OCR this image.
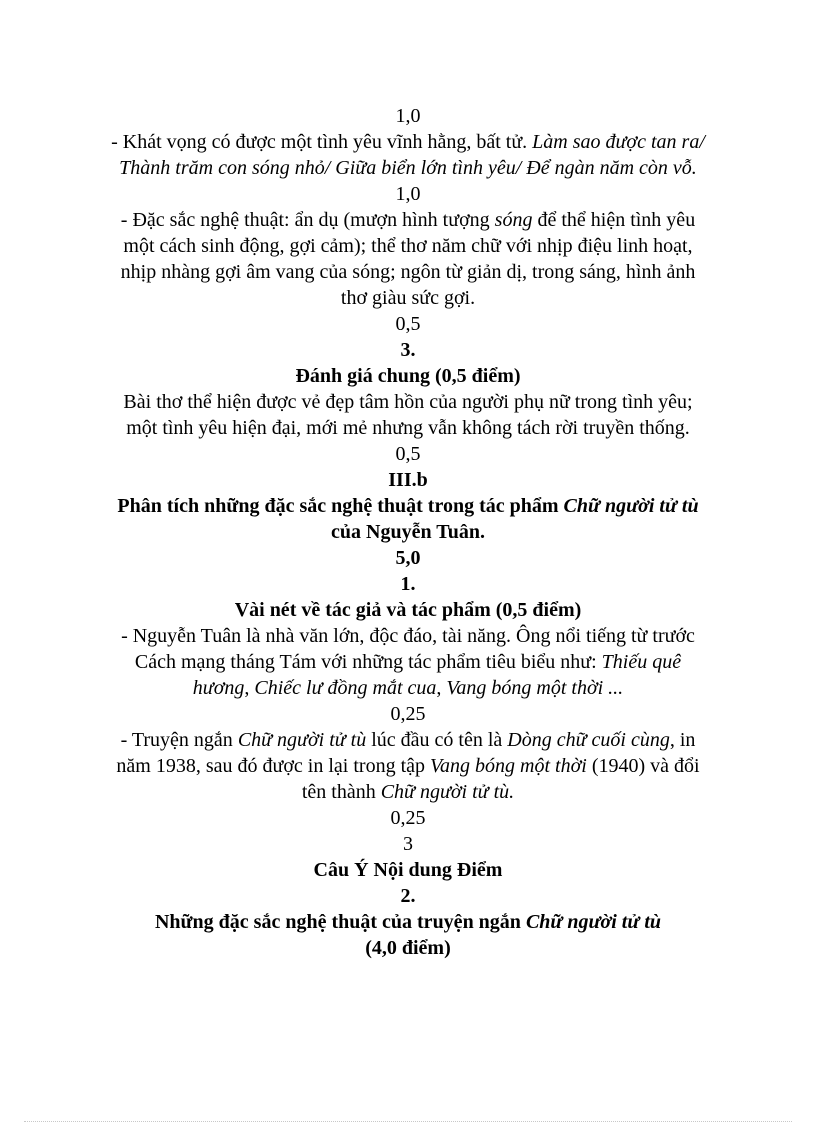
1,0

- Khát vọng có được một tình yêu vĩnh hằng, bất tử. Làm sao được tan ra/ Thành trăm con sóng nhỏ/ Giữa biển lớn tình yêu/ Để ngàn năm còn vỗ.

1,0

- Đặc sắc nghệ thuật: ẩn dụ (mượn hình tượng sóng để thể hiện tình yêu một cách sinh động, gợi cảm); thể thơ năm chữ với nhịp điệu linh hoạt, nhịp nhàng gợi âm vang của sóng; ngôn từ giản dị, trong sáng, hình ảnh thơ giàu sức gợi.

0,5

3.

Đánh giá chung (0,5 điểm)

Bài thơ thể hiện được vẻ đẹp tâm hồn của người phụ nữ trong tình yêu; một tình yêu hiện đại, mới mẻ nhưng vẫn không tách rời truyền thống.

0,5

III.b

Phân tích những đặc sắc nghệ thuật trong tác phẩm Chữ người tử tù của Nguyễn Tuân.

5,0

1.

Vài nét về tác giả và tác phẩm (0,5 điểm)

- Nguyễn Tuân là nhà văn lớn, độc đáo, tài năng. Ông nổi tiếng từ trước Cách mạng tháng Tám với những tác phẩm tiêu biểu như: Thiếu quê hương, Chiếc lư đồng mắt cua, Vang bóng một thời ...

0,25

- Truyện ngắn Chữ người tử tù lúc đầu có tên là Dòng chữ cuối cùng, in năm 1938, sau đó được in lại trong tập Vang bóng một thời (1940) và đổi tên thành Chữ người tử tù.

0,25

3

Câu Ý Nội dung Điểm

2.

Những đặc sắc nghệ thuật của truyện ngắn Chữ người tử tù
(4,0 điểm)
